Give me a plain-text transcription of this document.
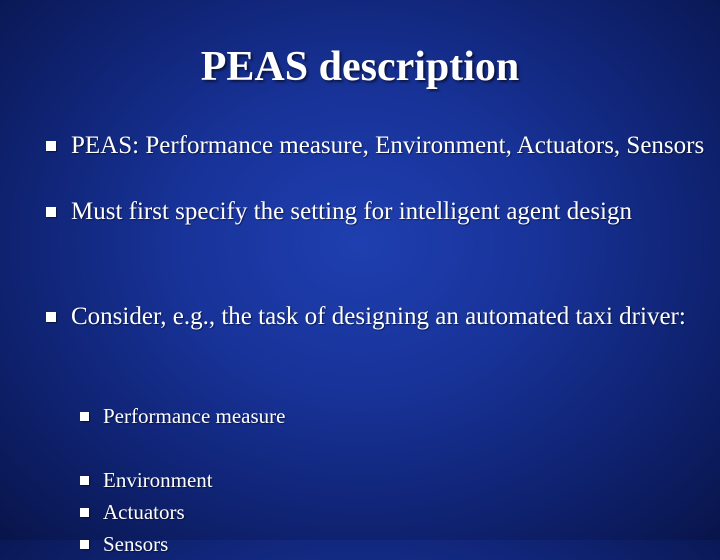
PEAS description
PEAS: Performance measure, Environment, Actuators, Sensors
Must first specify the setting for intelligent agent design
Consider, e.g., the task of designing an automated taxi driver:
Performance measure
Environment
Actuators
Sensors
